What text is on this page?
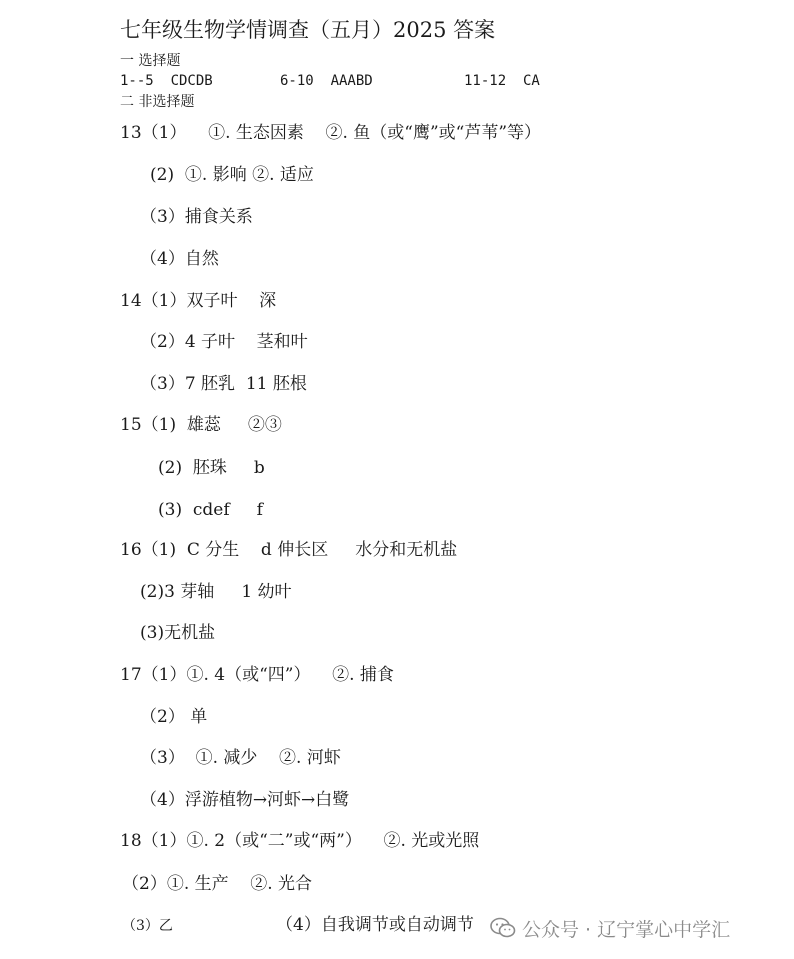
七年级生物学情调查（五月）2025 答案
一 选择题
1--5  CDCDB	6-10  AAABD	11-12  CA
二 非选择题
13（1）    ①. 生态因素    ②. 鱼（或“鹰”或“芦苇”等）
(2)  ①. 影响 ②. 适应
（3）捕食关系
（4）自然
14（1）双子叶    深
（2）4 子叶    茎和叶
（3）7 胚乳  11 胚根
15（1)  雄蕊     ②③
(2)  胚珠     b
(3)  cdef     f
16（1)  C 分生    d 伸长区     水分和无机盐
(2)3 芽轴     1 幼叶
(3)无机盐
17（1）①. 4（或“四”）    ②. 捕食
（2） 单
（3）  ①. 减少    ②. 河虾
（4）浮游植物→河虾→白鹭
18（1）①. 2（或“二”或“两”）    ②. 光或光照
（2）①. 生产    ②. 光合
（3）乙	（4）自我调节或自动调节	公众号 · 辽宁掌心中学汇
